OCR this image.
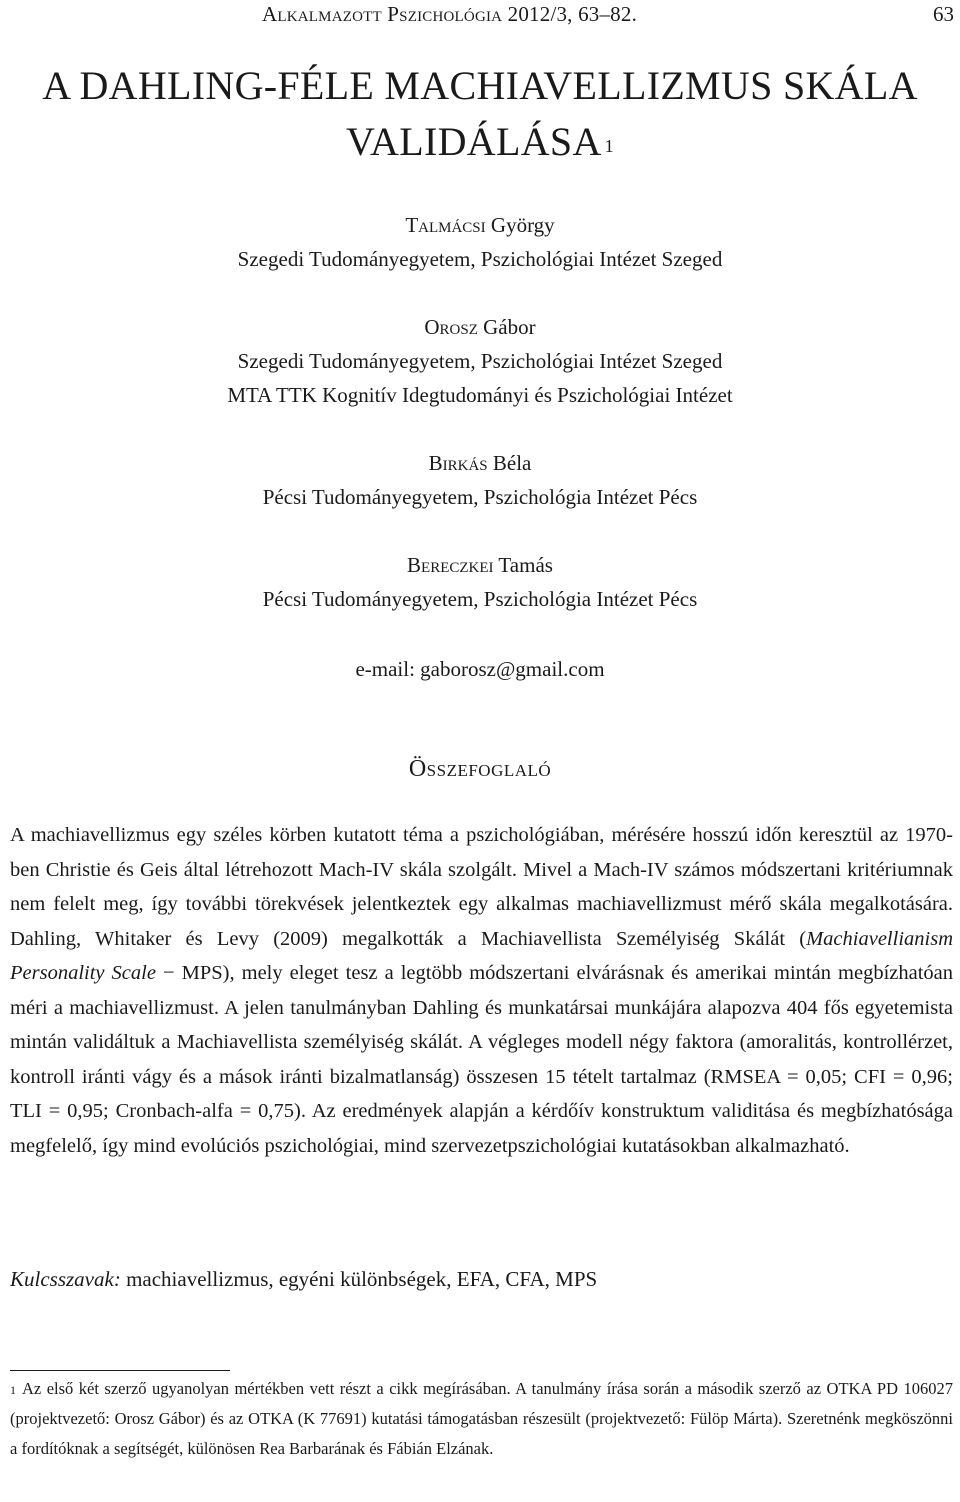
Alkalmazott Pszichológia 2012/3, 63–82.	63
A DAHLING-FÉLE MACHIAVELLIZMUS SKÁLA
VALIDÁLÁSA $^1$
Talmácsi György
Szegedi Tudományegyetem, Pszichológiai Intézet Szeged
Orosz Gábor
Szegedi Tudományegyetem, Pszichológiai Intézet Szeged
MTA TTK Kognitív Idegtudományi és Pszichológiai Intézet
Birkás Béla
Pécsi Tudományegyetem, Pszichológia Intézet Pécs
Bereczkei Tamás
Pécsi Tudományegyetem, Pszichológia Intézet Pécs
e-mail: gaborosz@gmail.com
Összefoglaló

A machiavellizmus egy széles körben kutatott téma a pszichológiában, mérésére hosszú időn keresztül az 1970-ben Christie és Geis által létrehozott Mach-IV skála szolgált. Mivel a Mach-IV számos módszertani kritériumnak nem felelt meg, így további törekvések jelentkeztek egy alkalmas machiavellizmust mérő skála megalkotására. Dahling, Whitaker és Levy (2009) megalkották a Machiavellista Személyiség Skálát (Machiavellianism Personality Scale − MPS), mely eleget tesz a legtöbb módszertani elvárásnak és amerikai mintán megbízhatóan méri a machiavellizmust. A jelen tanulmányban Dahling és munkatársai munkájára alapozva 404 fős egyetemista mintán validáltuk a Machiavellista személyiség skálát. A végleges modell négy faktora (amoralitás, kontrollérzet, kontroll iránti vágy és a mások iránti bizalmatlanság) összesen 15 tételt tartalmaz (RMSEA = 0,05; CFI = 0,96; TLI = 0,95; Cronbach-alfa = 0,75). Az eredmények alapján a kérdőív konstruktum validitása és megbízhatósága megfelelő, így mind evolúciós pszichológiai, mind szervezetpszichológiai kutatásokban alkalmazható.

Kulcsszavak: machiavellizmus, egyéni különbségek, EFA, CFA, MPS

$^1$ Az első két szerző ugyanolyan mértékben vett részt a cikk megírásában. A tanulmány írása során a második szerző az OTKA PD 106027 (projektvezető: Orosz Gábor) és az OTKA (K 77691) kutatási támogatásban részesült (projektvezető: Fülöp Márta). Szeretnénk megköszönni a fordítóknak a segítségét, különösen Rea Barbarának és Fábián Elzának.
